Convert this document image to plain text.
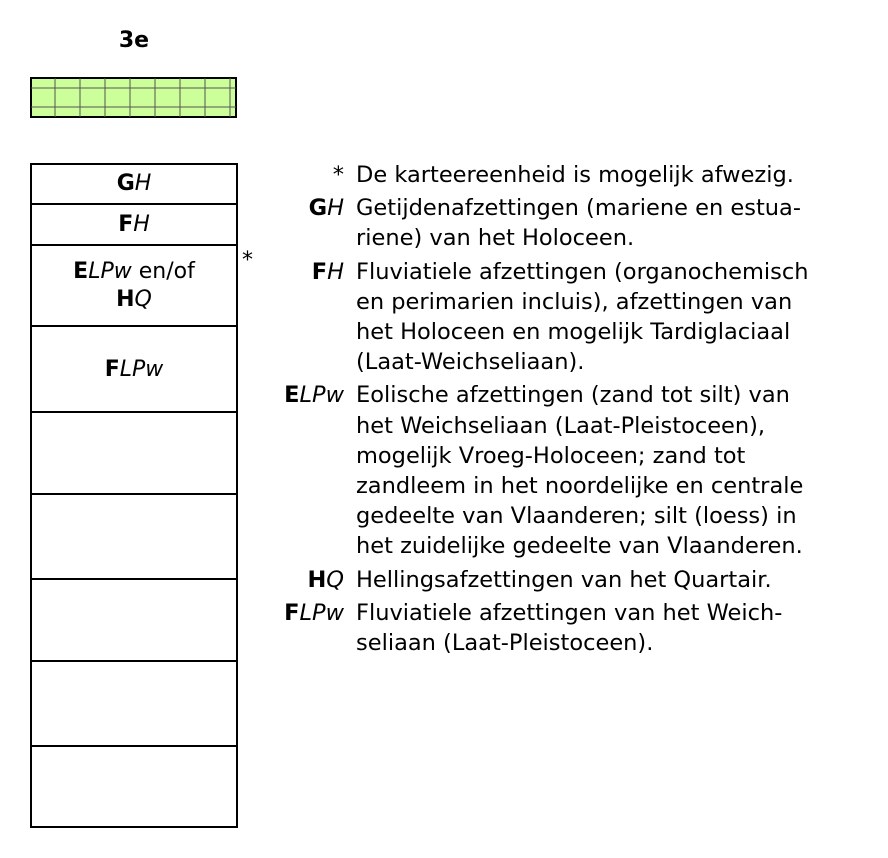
3e
GH
FH
ELPw en/of
HQ
FLPw
*
* De karteereenheid is mogelijk afwezig.
GH Getijdenafzettingen (mariene en estua-
riene) van het Holoceen.
FH Fluviatiele afzettingen (organochemisch
en perimarien incluis), afzettingen van
het Holoceen en mogelijk Tardiglaciaal
(Laat-Weichseliaan).
ELPw Eolische afzettingen (zand tot silt) van
het Weichseliaan (Laat-Pleistoceen),
mogelijk Vroeg-Holoceen; zand tot
zandleem in het noordelijke en centrale
gedeelte van Vlaanderen; silt (loess) in
het zuidelijke gedeelte van Vlaanderen.
HQ Hellingsafzettingen van het Quartair.
FLPw Fluviatiele afzettingen van het Weich-
seliaan (Laat-Pleistoceen).
